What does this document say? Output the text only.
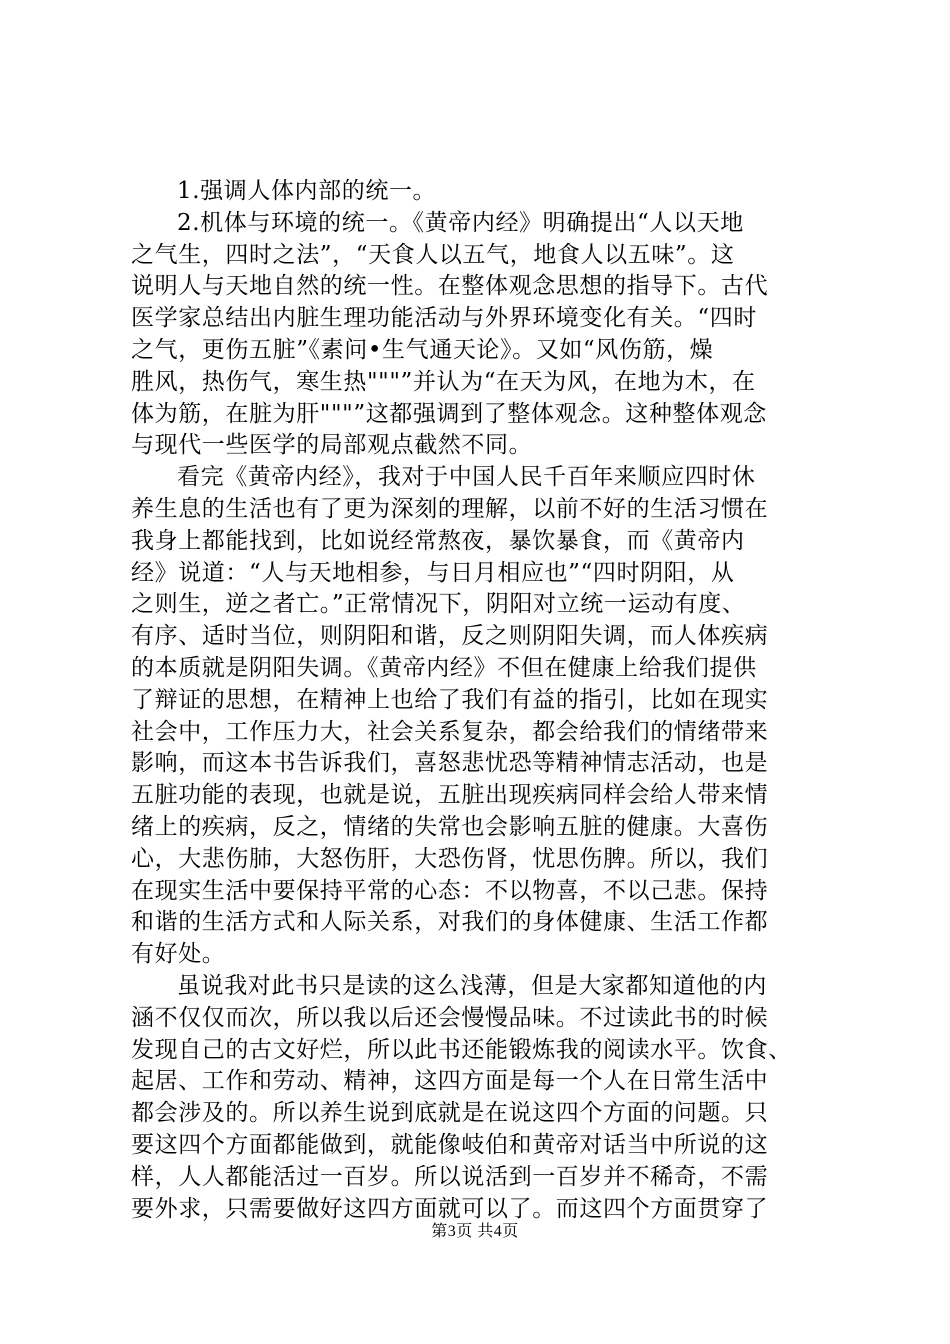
1.强调人体内部的统一。

2.机体与环境的统一。《黄帝内经》明确提出“人以天地
之气生，四时之法”，“天食人以五气，地食人以五味”。这
说明人与天地自然的统一性。在整体观念思想的指导下。古代
医学家总结出内脏生理功能活动与外界环境变化有关。“四时
之气，更伤五脏”《素问•生气通天论》。又如“风伤筋，燥
胜风，热伤气，寒生热"""”并认为“在天为风，在地为木，在
体为筋，在脏为肝"""”这都强调到了整体观念。这种整体观念
与现代一些医学的局部观点截然不同。

看完《黄帝内经》，我对于中国人民千百年来顺应四时休
养生息的生活也有了更为深刻的理解，以前不好的生活习惯在
我身上都能找到，比如说经常熬夜，暴饮暴食，而《黄帝内
经》说道：“人与天地相参，与日月相应也”“四时阴阳，从
之则生，逆之者亡。”正常情况下，阴阳对立统一运动有度、
有序、适时当位，则阴阳和谐，反之则阴阳失调，而人体疾病
的本质就是阴阳失调。《黄帝内经》不但在健康上给我们提供
了辩证的思想，在精神上也给了我们有益的指引，比如在现实
社会中，工作压力大，社会关系复杂，都会给我们的情绪带来
影响，而这本书告诉我们，喜怒悲忧恐等精神情志活动，也是
五脏功能的表现，也就是说，五脏出现疾病同样会给人带来情
绪上的疾病，反之，情绪的失常也会影响五脏的健康。大喜伤
心，大悲伤肺，大怒伤肝，大恐伤肾，忧思伤脾。所以，我们
在现实生活中要保持平常的心态：不以物喜，不以己悲。保持
和谐的生活方式和人际关系，对我们的身体健康、生活工作都
有好处。

虽说我对此书只是读的这么浅薄，但是大家都知道他的内
涵不仅仅而次，所以我以后还会慢慢品味。不过读此书的时候
发现自己的古文好烂，所以此书还能锻炼我的阅读水平。饮食、
起居、工作和劳动、精神，这四方面是每一个人在日常生活中
都会涉及的。所以养生说到底就是在说这四个方面的问题。只
要这四个方面都能做到，就能像岐伯和黄帝对话当中所说的这
样，人人都能活过一百岁。所以说活到一百岁并不稀奇，不需
要外求，只需要做好这四方面就可以了。而这四个方面贯穿了

第3页 共4页
